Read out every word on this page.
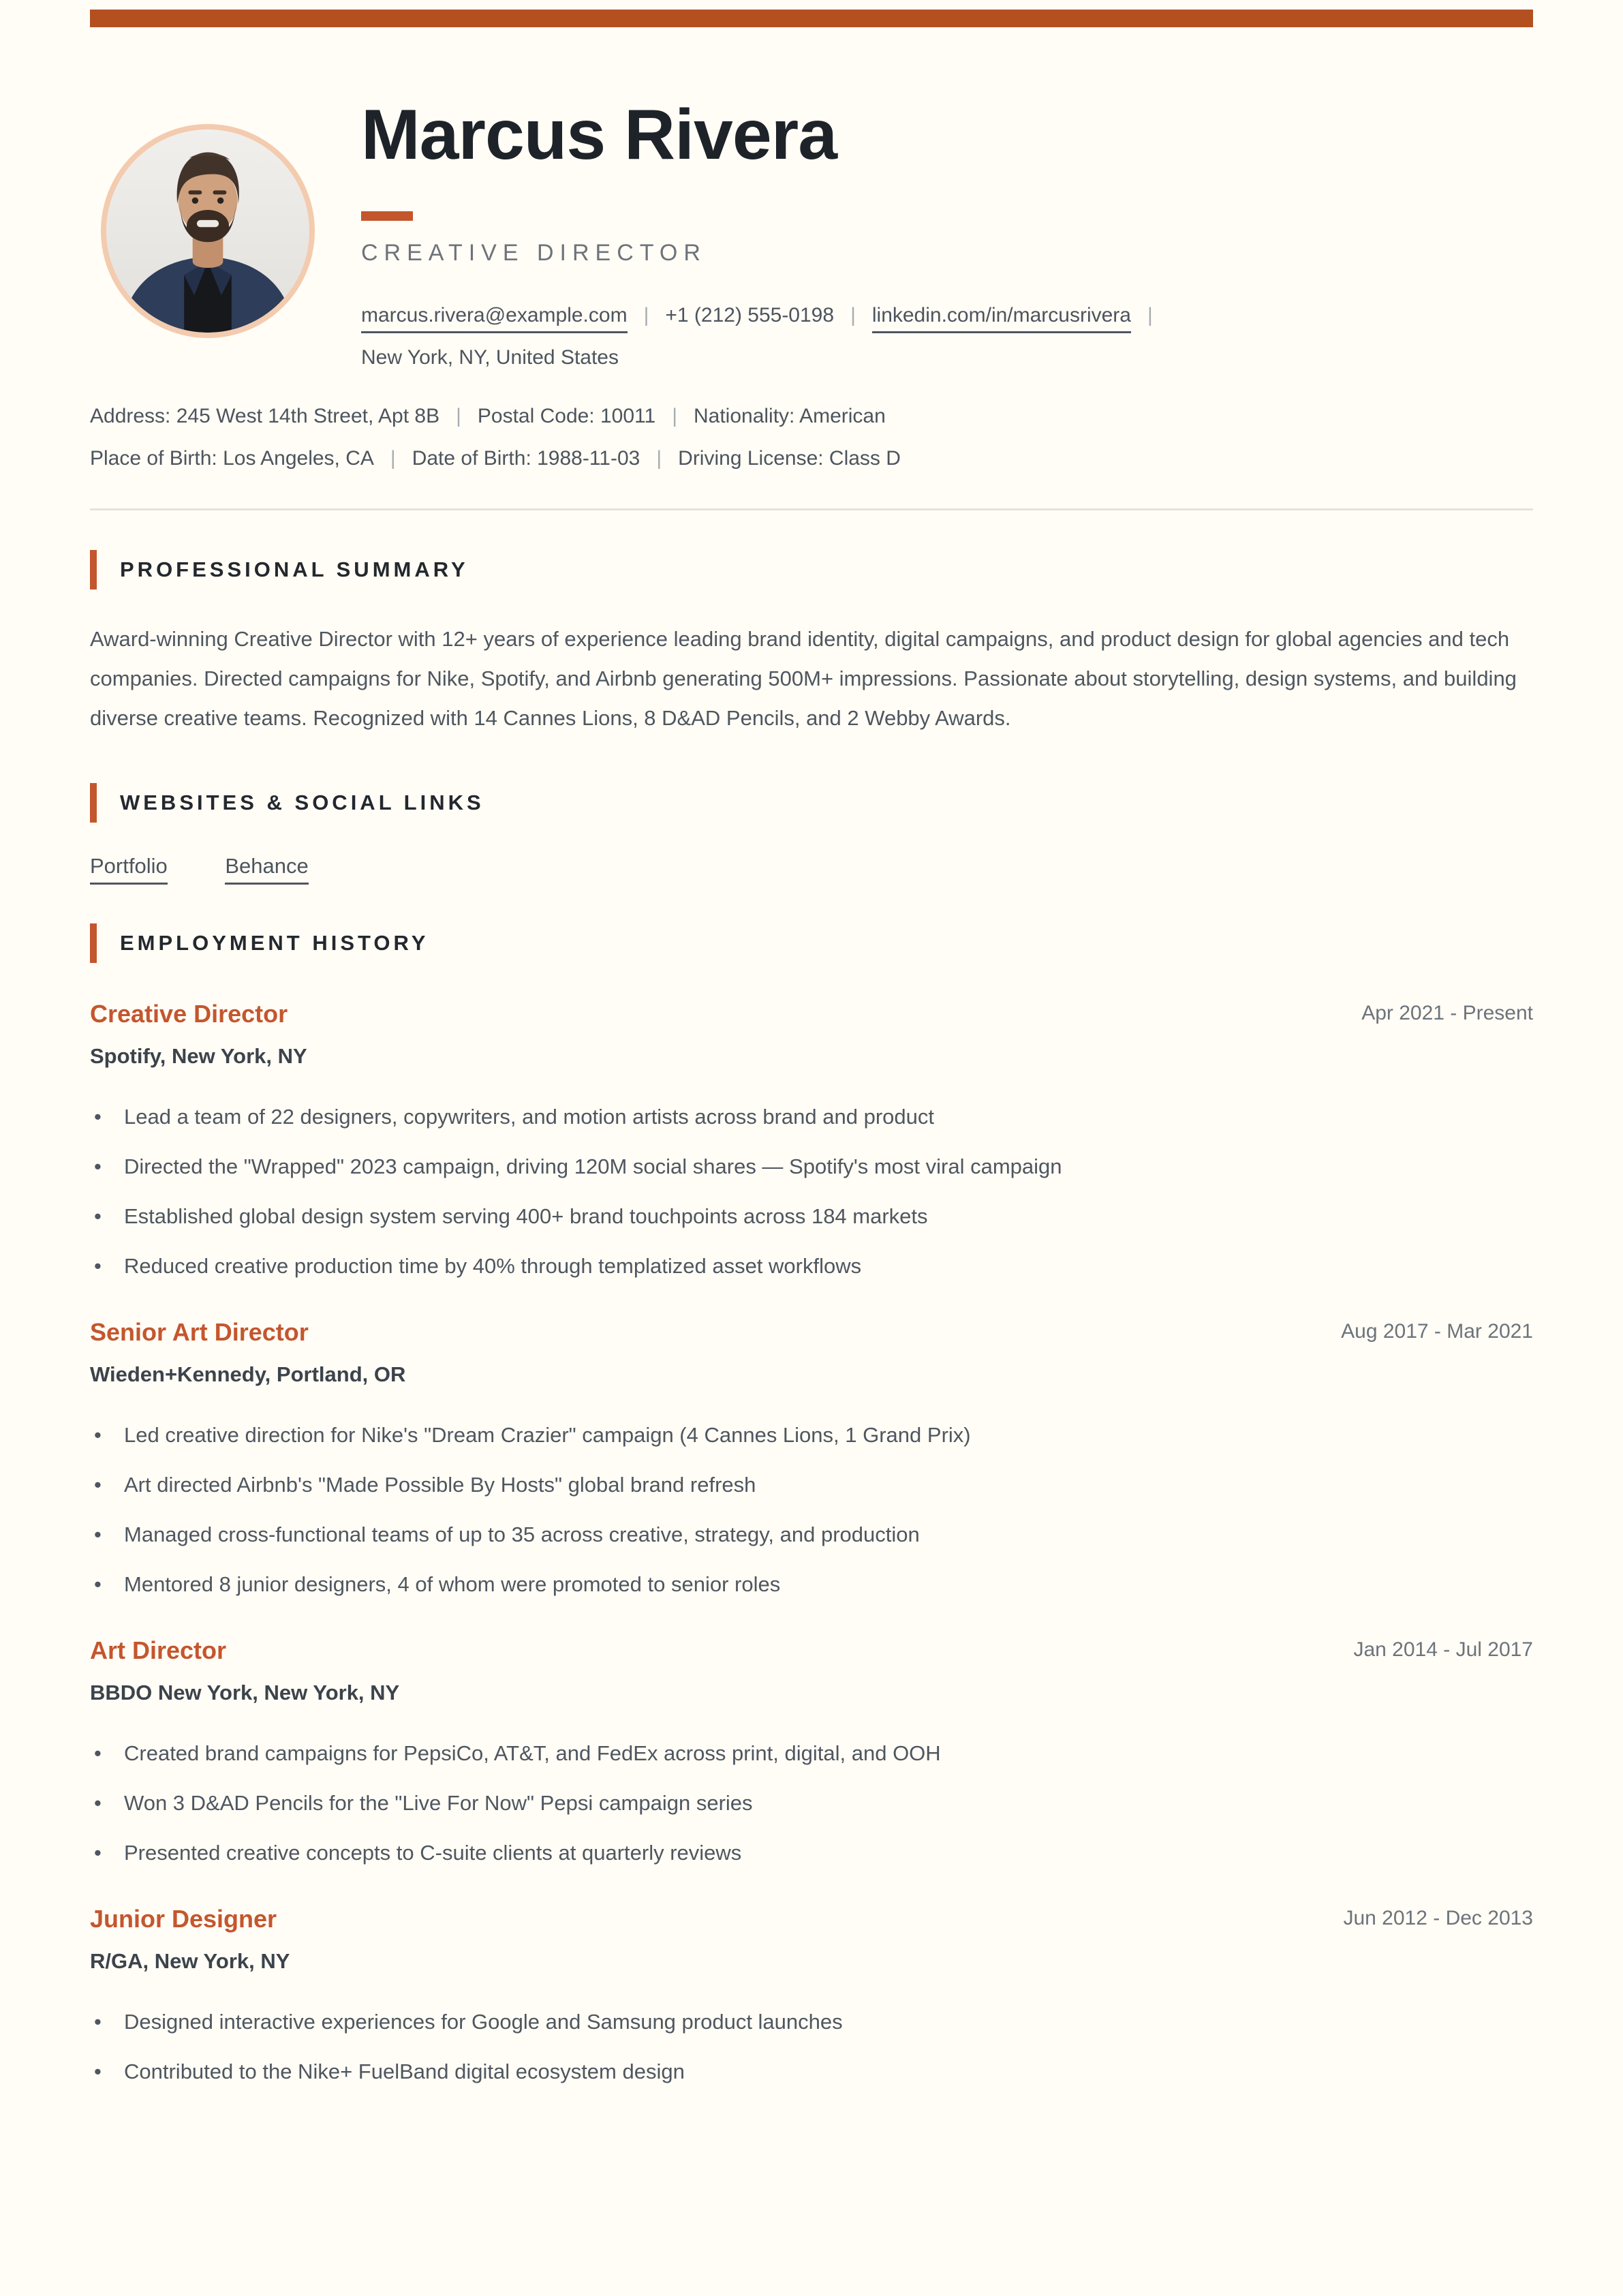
Marcus Rivera
CREATIVE DIRECTOR
marcus.rivera@example.com | +1 (212) 555-0198 | linkedin.com/in/marcusrivera |
New York, NY, United States
Address: 245 West 14th Street, Apt 8B | Postal Code: 10011 | Nationality: American
Place of Birth: Los Angeles, CA | Date of Birth: 1988-11-03 | Driving License: Class D
PROFESSIONAL SUMMARY

Award-winning Creative Director with 12+ years of experience leading brand identity, digital campaigns, and product design for global agencies and tech companies. Directed campaigns for Nike, Spotify, and Airbnb generating 500M+ impressions. Passionate about storytelling, design systems, and building diverse creative teams. Recognized with 14 Cannes Lions, 8 D&AD Pencils, and 2 Webby Awards.

WEBSITES & SOCIAL LINKS
Portfolio	Behance
EMPLOYMENT HISTORY
Creative Director	Apr 2021 - Present
Spotify, New York, NY
•	Lead a team of 22 designers, copywriters, and motion artists across brand and product
•	Directed the "Wrapped" 2023 campaign, driving 120M social shares — Spotify's most viral campaign
•	Established global design system serving 400+ brand touchpoints across 184 markets
•	Reduced creative production time by 40% through templatized asset workflows
Senior Art Director	Aug 2017 - Mar 2021
Wieden+Kennedy, Portland, OR
•	Led creative direction for Nike's "Dream Crazier" campaign (4 Cannes Lions, 1 Grand Prix)
•	Art directed Airbnb's "Made Possible By Hosts" global brand refresh
•	Managed cross-functional teams of up to 35 across creative, strategy, and production
•	Mentored 8 junior designers, 4 of whom were promoted to senior roles
Art Director	Jan 2014 - Jul 2017
BBDO New York, New York, NY
•	Created brand campaigns for PepsiCo, AT&T, and FedEx across print, digital, and OOH
•	Won 3 D&AD Pencils for the "Live For Now" Pepsi campaign series
•	Presented creative concepts to C-suite clients at quarterly reviews
Junior Designer	Jun 2012 - Dec 2013
R/GA, New York, NY
•	Designed interactive experiences for Google and Samsung product launches
•	Contributed to the Nike+ FuelBand digital ecosystem design
